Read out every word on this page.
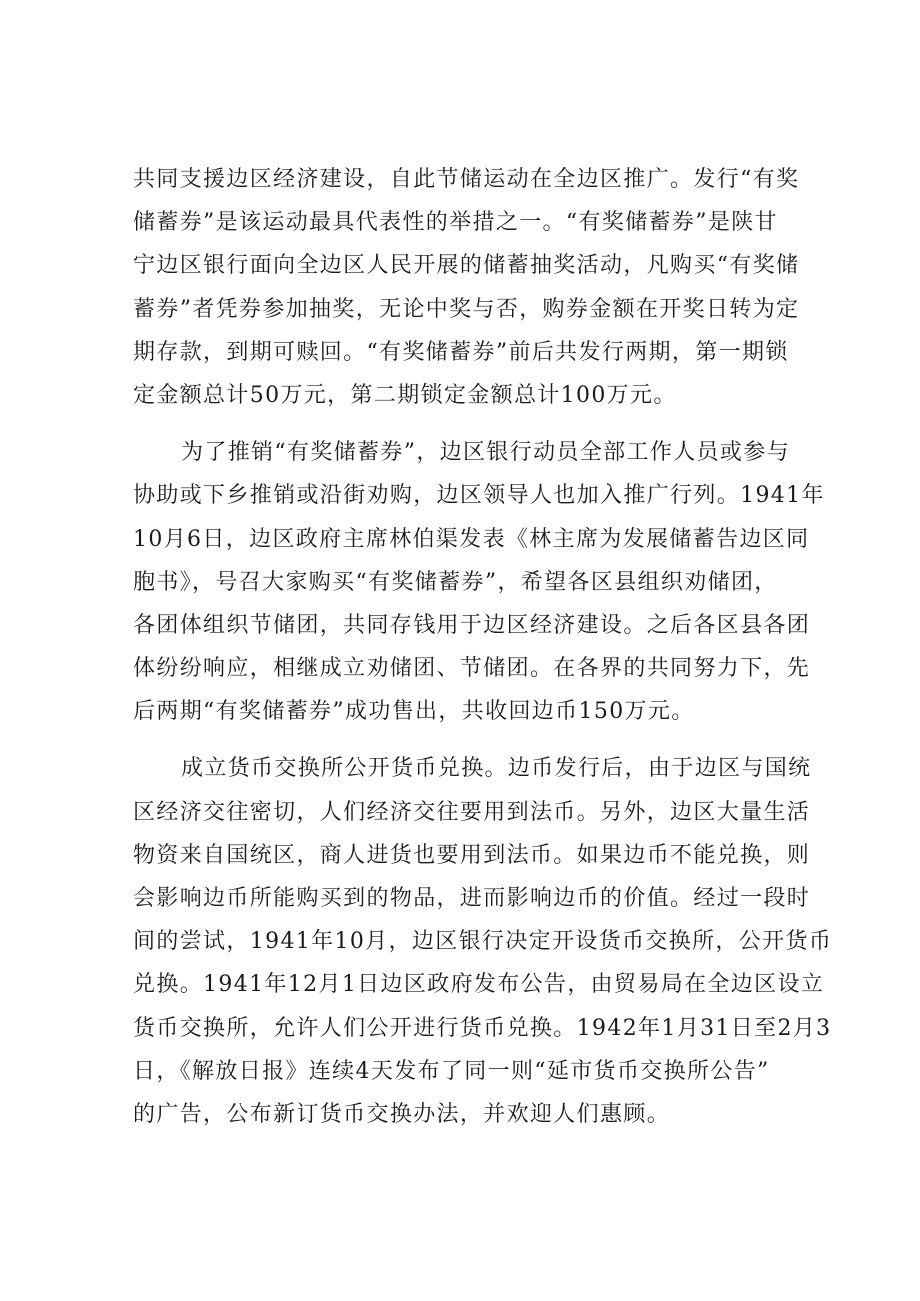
共同支援边区经济建设，自此节储运动在全边区推广。发行“有奖
储蓄券”是该运动最具代表性的举措之一。“有奖储蓄券”是陕甘
宁边区银行面向全边区人民开展的储蓄抽奖活动，凡购买“有奖储
蓄券”者凭券参加抽奖，无论中奖与否，购券金额在开奖日转为定
期存款，到期可赎回。“有奖储蓄券”前后共发行两期，第一期锁
定金额总计50万元，第二期锁定金额总计100万元。

为了推销“有奖储蓄券”，边区银行动员全部工作人员或参与
协助或下乡推销或沿街劝购，边区领导人也加入推广行列。1941年
10月6日，边区政府主席林伯渠发表《林主席为发展储蓄告边区同
胞书》，号召大家购买“有奖储蓄券”，希望各区县组织劝储团，
各团体组织节储团，共同存钱用于边区经济建设。之后各区县各团
体纷纷响应，相继成立劝储团、节储团。在各界的共同努力下，先
后两期“有奖储蓄券”成功售出，共收回边币150万元。

成立货币交换所公开货币兑换。边币发行后，由于边区与国统
区经济交往密切，人们经济交往要用到法币。另外，边区大量生活
物资来自国统区，商人进货也要用到法币。如果边币不能兑换，则
会影响边币所能购买到的物品，进而影响边币的价值。经过一段时
间的尝试，1941年10月，边区银行决定开设货币交换所，公开货币
兑换。1941年12月1日边区政府发布公告，由贸易局在全边区设立
货币交换所，允许人们公开进行货币兑换。1942年1月31日至2月3
日，《解放日报》连续4天发布了同一则“延市货币交换所公告”
的广告，公布新订货币交换办法，并欢迎人们惠顾。
